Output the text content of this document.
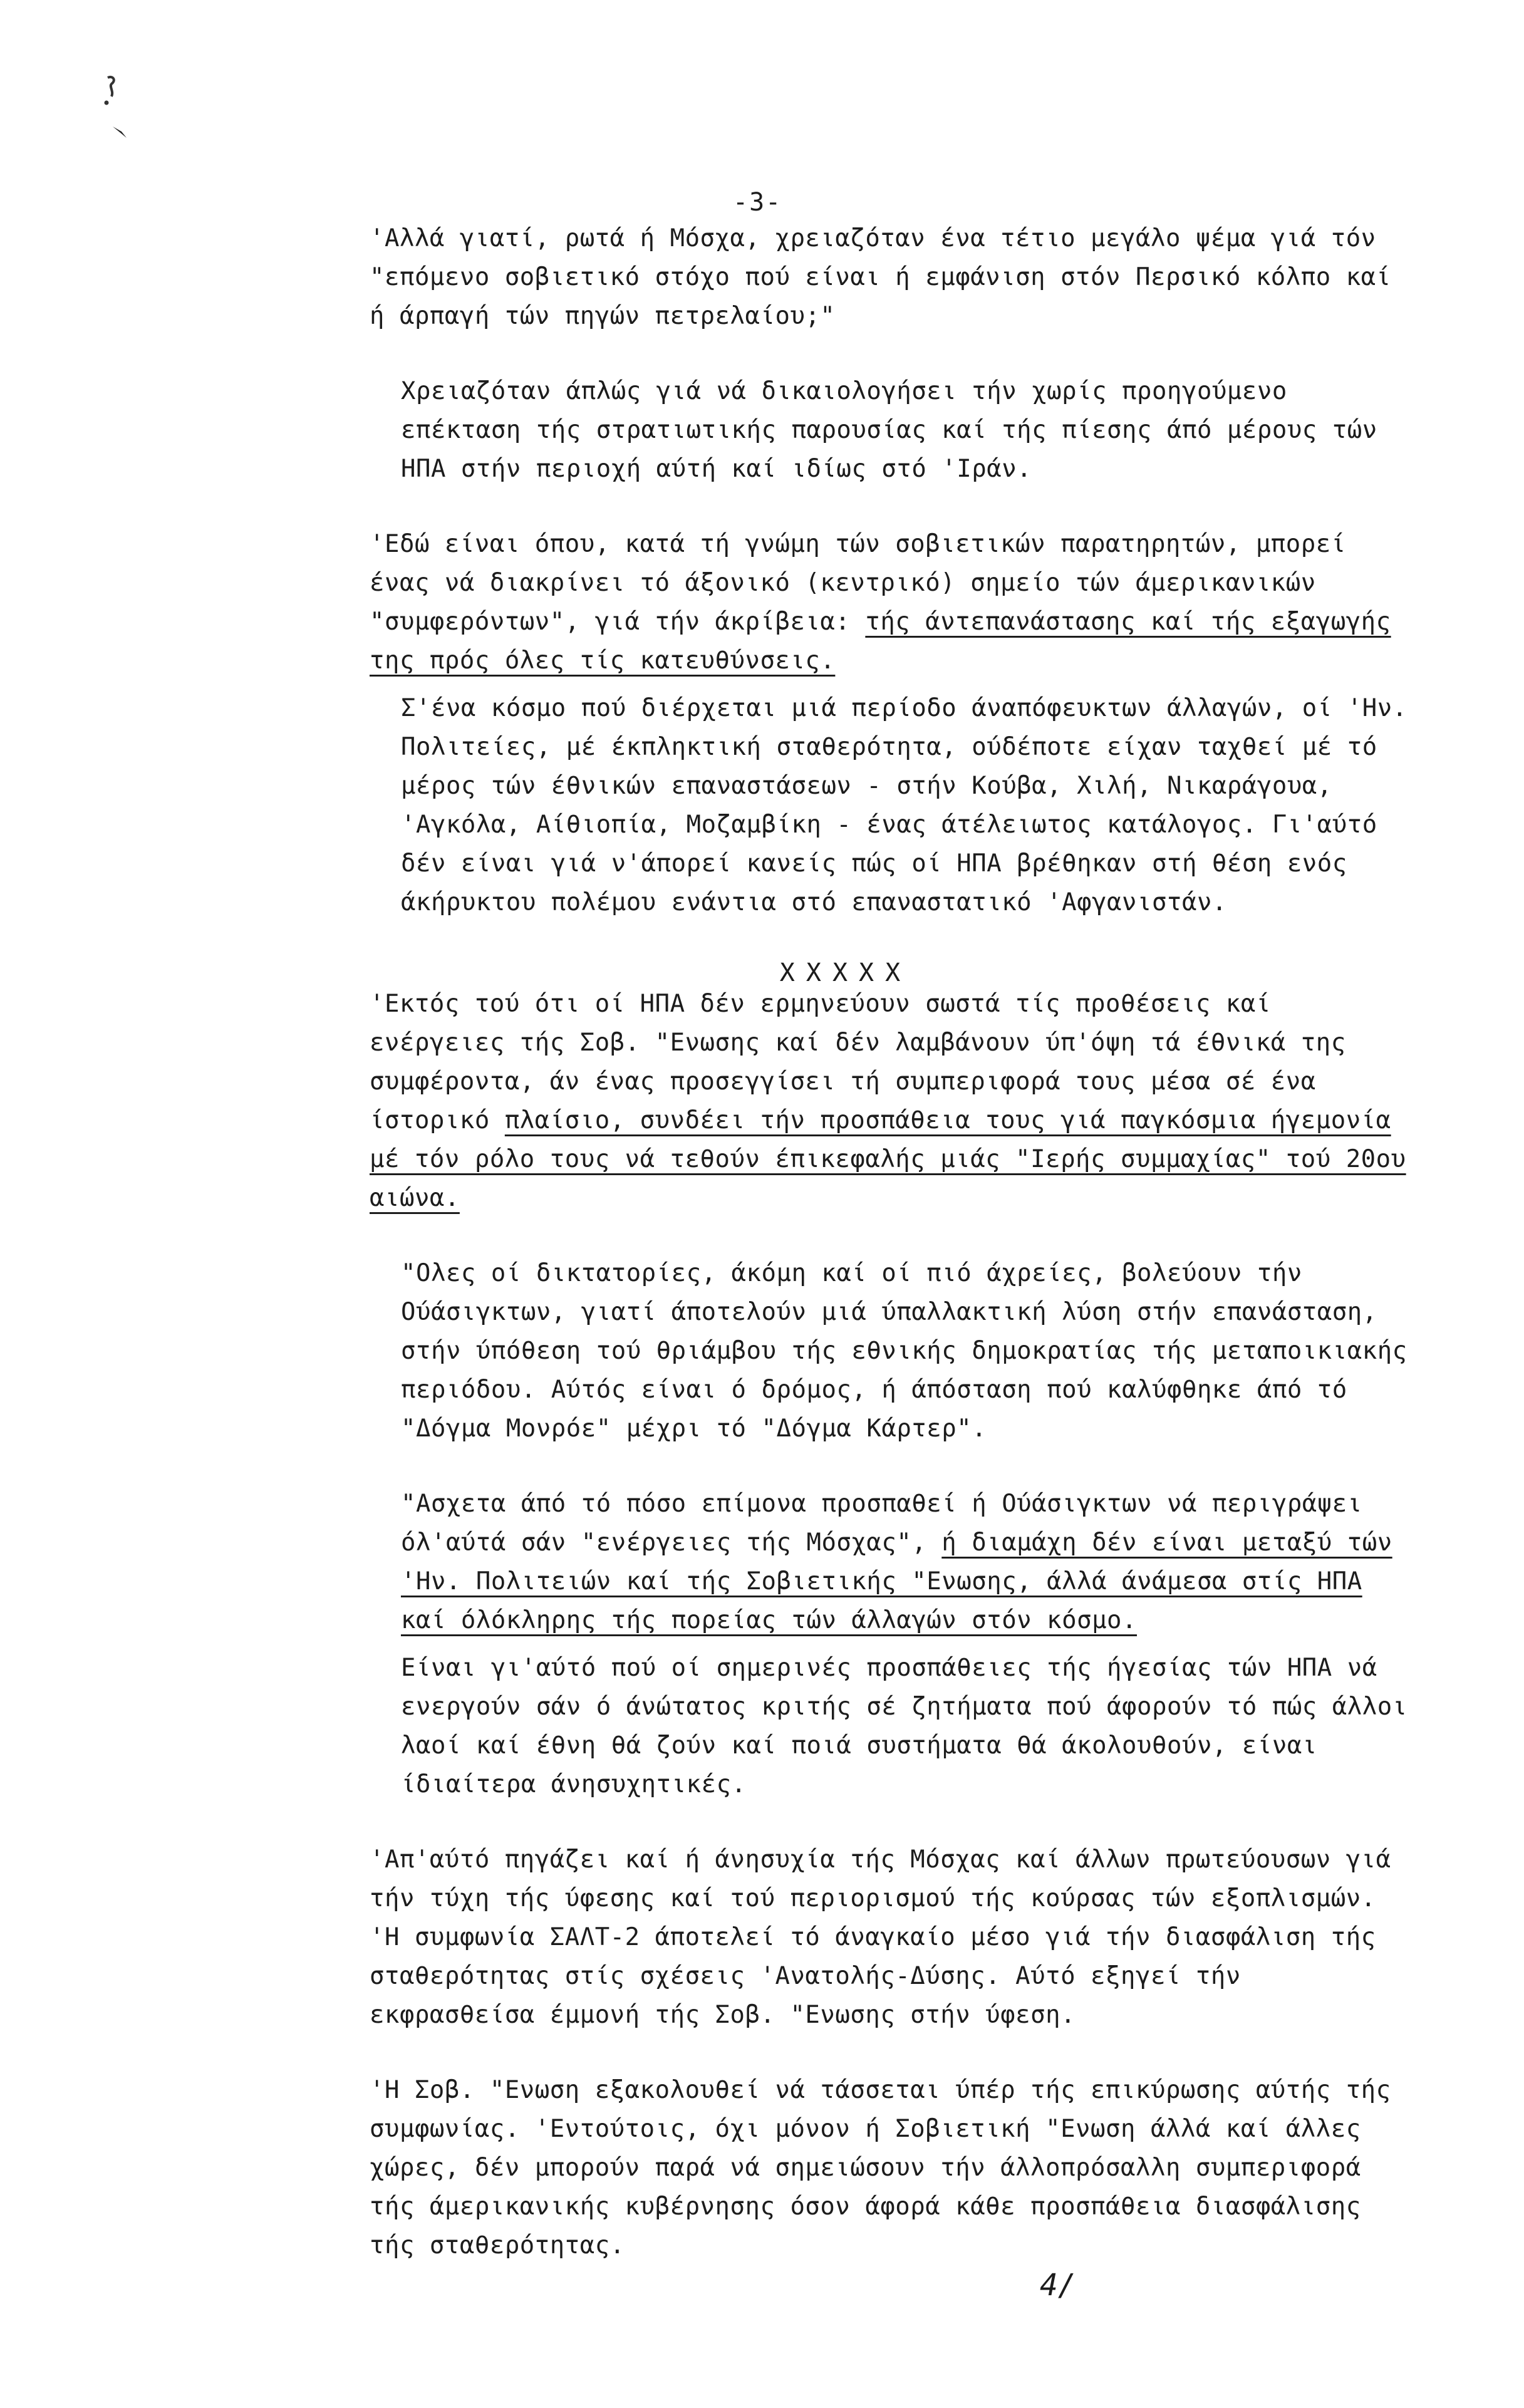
-3-

'Αλλά γιατί, ρωτά ή Μόσχα, χρειαζόταν ένα τέτιο μεγάλο ψέμα γιά τόν "επόμενο σοβιετικό στόχο πού είναι ή εμφάνιση στόν Περσικό κόλπο καί ή άρπαγή τών πηγών πετρελαίου;"

Χρειαζόταν άπλώς γιά νά δικαιολογήσει τήν χωρίς προηγούμενο επέκταση τής στρατιωτικής παρουσίας καί τής πίεσης άπό μέρους τών ΗΠΑ στήν περιοχή αύτή καί ιδίως στό 'Ιράν.

'Εδώ είναι όπου, κατά τή γνώμη τών σοβιετικών παρατηρητών, μπορεί ένας νά διακρίνει τό άξονικό (κεντρικό) σημείο τών άμερικανικών "συμφερόντων", γιά τήν άκρίβεια: τής άντεπανάστασης καί τής εξαγωγής της πρός όλες τίς κατευθύνσεις.

Σ'ένα κόσμο πού διέρχεται μιά περίοδο άναπόφευκτων άλλαγών, οί 'Ην. Πολιτείες, μέ έκπληκτική σταθερότητα, ούδέποτε είχαν ταχθεί μέ τό μέρος τών έθνικών επαναστάσεων - στήν Κούβα, Χιλή, Νικαράγουα, 'Αγκόλα, Αίθιοπία, Μοζαμβίκη - ένας άτέλειωτος κατάλογος. Γι'αύτό δέν είναι γιά ν'άπορεί κανείς πώς οί ΗΠΑ βρέθηκαν στή θέση ενός άκήρυκτου πολέμου ενάντια στό επαναστατικό 'Αφγανιστάν.

XXXXX

'Εκτός τού ότι οί ΗΠΑ δέν ερμηνεύουν σωστά τίς προθέσεις καί ενέργειες τής Σοβ. "Ενωσης καί δέν λαμβάνουν ύπ'όψη τά έθνικά της συμφέροντα, άν ένας προσεγγίσει τή συμπεριφορά τους μέσα σέ ένα ίστορικό πλαίσιο, συνδέει τήν προσπάθεια τους γιά παγκόσμια ήγεμονία μέ τόν ρόλο τους νά τεθούν έπικεφαλής μιάς "Ιερής συμμαχίας" τού 20ου αιώνα.

"Ολες οί δικτατορίες, άκόμη καί οί πιό άχρείες, βολεύουν τήν Ούάσιγκτων, γιατί άποτελούν μιά ύπαλλακτική λύση στήν επανάσταση, στήν ύπόθεση τού θριάμβου τής εθνικής δημοκρατίας τής μεταποικιακής περιόδου. Αύτός είναι ό δρόμος, ή άπόσταση πού καλύφθηκε άπό τό "Δόγμα Μονρόε" μέχρι τό "Δόγμα Κάρτερ".

"Ασχετα άπό τό πόσο επίμονα προσπαθεί ή Ούάσιγκτων νά περιγράψει όλ'αύτά σάν "ενέργειες τής Μόσχας", ή διαμάχη δέν είναι μεταξύ τών 'Ην. Πολιτειών καί τής Σοβιετικής "Ενωσης, άλλά άνάμεσα στίς ΗΠΑ καί όλόκληρης τής πορείας τών άλλαγών στόν κόσμο.

Είναι γι'αύτό πού οί σημερινές προσπάθειες τής ήγεσίας τών ΗΠΑ νά ενεργούν σάν ό άνώτατος κριτής σέ ζητήματα πού άφορούν τό πώς άλλοι λαοί καί έθνη θά ζούν καί ποιά συστήματα θά άκολουθούν, είναι ίδιαίτερα άνησυχητικές.

'Απ'αύτό πηγάζει καί ή άνησυχία τής Μόσχας καί άλλων πρωτεύουσων γιά τήν τύχη τής ύφεσης καί τού περιορισμού τής κούρσας τών εξοπλισμών. 'Η συμφωνία ΣΑΛΤ-2 άποτελεί τό άναγκαίο μέσο γιά τήν διασφάλιση τής σταθερότητας στίς σχέσεις 'Ανατολής-Δύσης. Αύτό εξηγεί τήν εκφρασθείσα έμμονή τής Σοβ. "Ενωσης στήν ύφεση.

'Η Σοβ. "Ενωση εξακολουθεί νά τάσσεται ύπέρ τής επικύρωσης αύτής τής συμφωνίας. 'Εντούτοις, όχι μόνον ή Σοβιετική "Ενωση άλλά καί άλλες χώρες, δέν μπορούν παρά νά σημειώσουν τήν άλλοπρόσαλλη συμπεριφορά τής άμερικανικής κυβέρνησης όσον άφορά κάθε προσπάθεια διασφάλισης τής σταθερότητας.

4/
